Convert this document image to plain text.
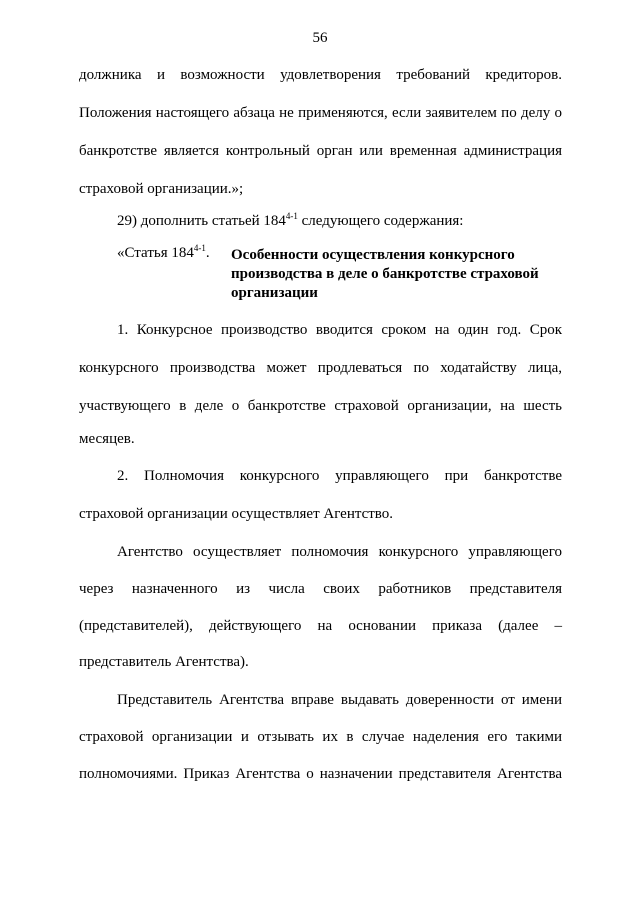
56
должника и возможности удовлетворения требований кредиторов.
Положения настоящего абзаца не применяются, если заявителем по делу о
банкротстве является контрольный орган или временная администрация
страховой организации.»;
29) дополнить статьей 184$^{4-1}$ следующего содержания:
«Статья 184$^{4-1}$. Особенности осуществления конкурсного
производства в деле о банкротстве страховой
организации
1. Конкурсное производство вводится сроком на один год. Срок
конкурсного производства может продлеваться по ходатайству лица,
участвующего в деле о банкротстве страховой организации, на шесть
месяцев.
2. Полномочия конкурсного управляющего при банкротстве
страховой организации осуществляет Агентство.
Агентство осуществляет полномочия конкурсного управляющего
через назначенного из числа своих работников представителя
(представителей), действующего на основании приказа (далее –
представитель Агентства).
Представитель Агентства вправе выдавать доверенности от имени
страховой организации и отзывать их в случае наделения его такими
полномочиями. Приказ Агентства о назначении представителя Агентства
